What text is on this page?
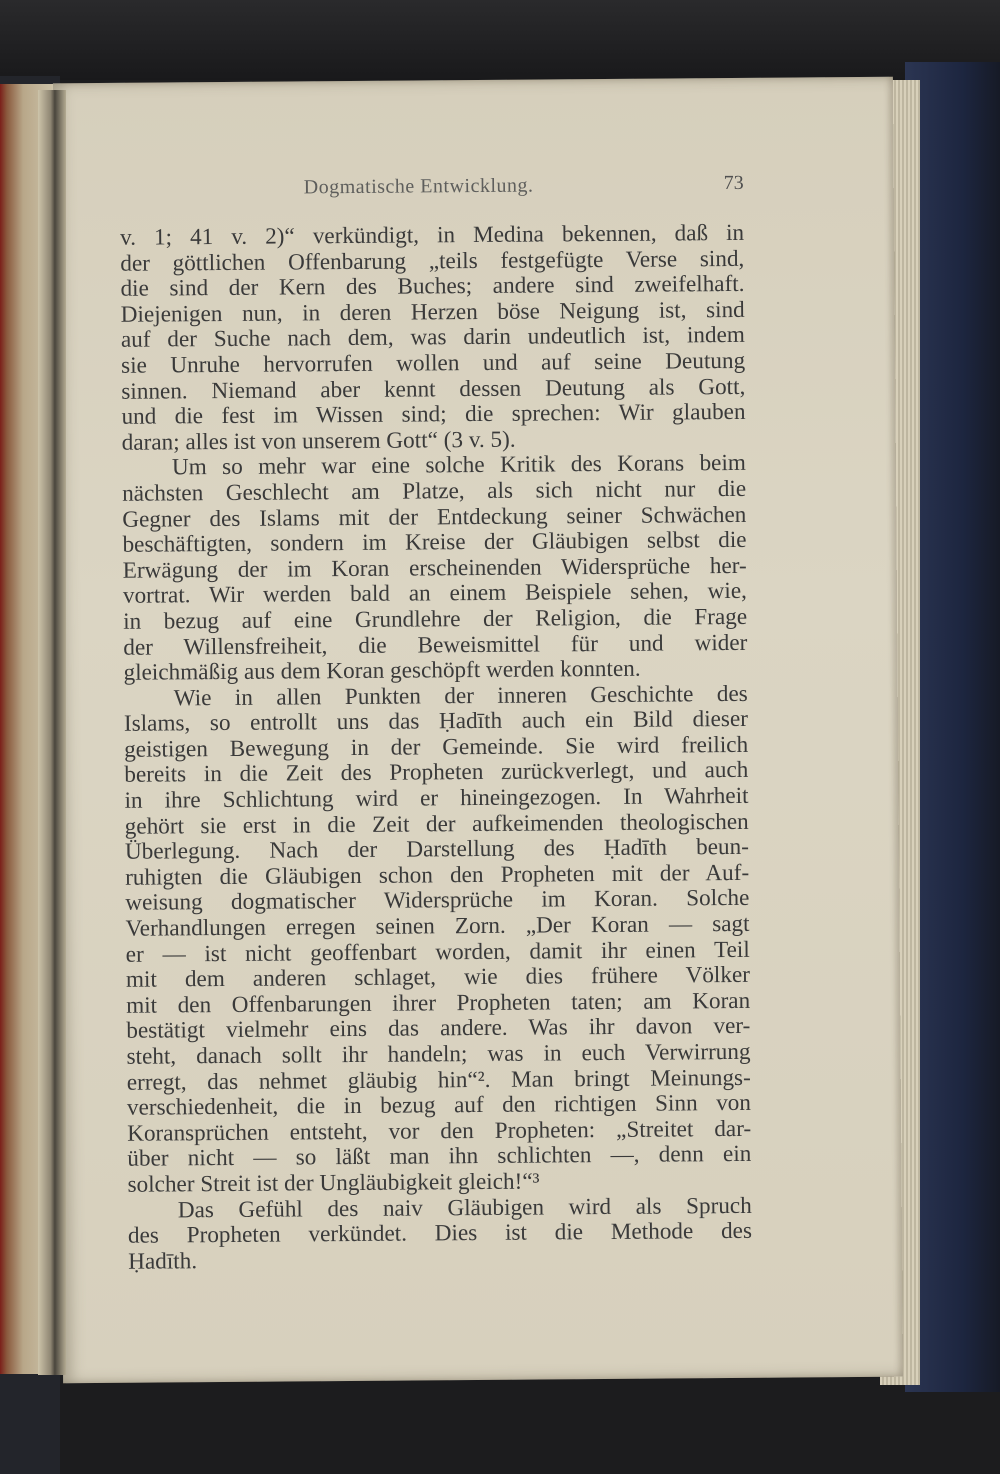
Dogmatische Entwicklung.	73
v. 1; 41 v. 2)“ verkündigt, in Medina bekennen, daß in
der göttlichen Offenbarung „teils festgefügte Verse sind,
die sind der Kern des Buches; andere sind zweifelhaft.
Diejenigen nun, in deren Herzen böse Neigung ist, sind
auf der Suche nach dem, was darin undeutlich ist, indem
sie Unruhe hervorrufen wollen und auf seine Deutung
sinnen. Niemand aber kennt dessen Deutung als Gott,
und die fest im Wissen sind; die sprechen: Wir glauben
daran; alles ist von unserem Gott“ (3 v. 5).
Um so mehr war eine solche Kritik des Korans beim
nächsten Geschlecht am Platze, als sich nicht nur die
Gegner des Islams mit der Entdeckung seiner Schwächen
beschäftigten, sondern im Kreise der Gläubigen selbst die
Erwägung der im Koran erscheinenden Widersprüche her-
vortrat. Wir werden bald an einem Beispiele sehen, wie,
in bezug auf eine Grundlehre der Religion, die Frage
der Willensfreiheit, die Beweismittel für und wider
gleichmäßig aus dem Koran geschöpft werden konnten.
Wie in allen Punkten der inneren Geschichte des
Islams, so entrollt uns das Ḥadīth auch ein Bild dieser
geistigen Bewegung in der Gemeinde. Sie wird freilich
bereits in die Zeit des Propheten zurückverlegt, und auch
in ihre Schlichtung wird er hineingezogen. In Wahrheit
gehört sie erst in die Zeit der aufkeimenden theologischen
Überlegung. Nach der Darstellung des Ḥadīth beun-
ruhigten die Gläubigen schon den Propheten mit der Auf-
weisung dogmatischer Widersprüche im Koran. Solche
Verhandlungen erregen seinen Zorn. „Der Koran — sagt
er — ist nicht geoffenbart worden, damit ihr einen Teil
mit dem anderen schlaget, wie dies frühere Völker
mit den Offenbarungen ihrer Propheten taten; am Koran
bestätigt vielmehr eins das andere. Was ihr davon ver-
steht, danach sollt ihr handeln; was in euch Verwirrung
erregt, das nehmet gläubig hin“². Man bringt Meinungs-
verschiedenheit, die in bezug auf den richtigen Sinn von
Koransprüchen entsteht, vor den Propheten: „Streitet dar-
über nicht — so läßt man ihn schlichten —, denn ein
solcher Streit ist der Ungläubigkeit gleich!“³
Das Gefühl des naiv Gläubigen wird als Spruch
des Propheten verkündet. Dies ist die Methode des
Ḥadīth.
